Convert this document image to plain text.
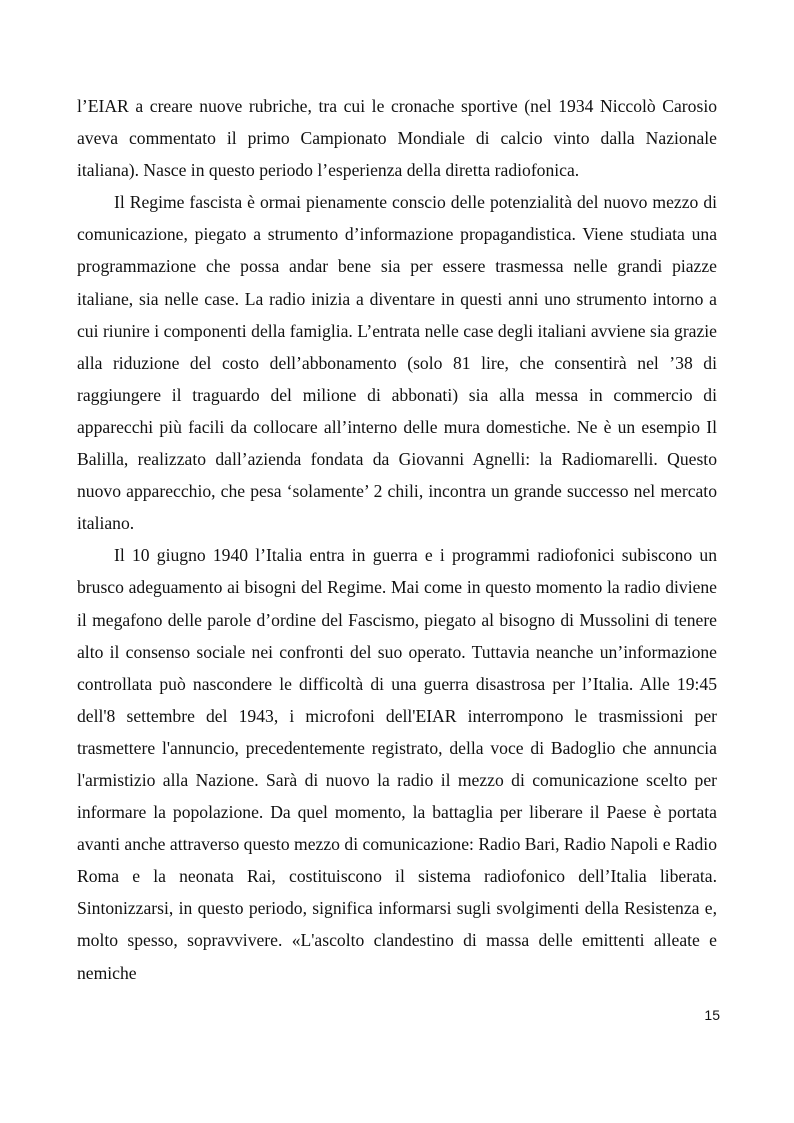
l’EIAR a creare nuove rubriche, tra cui le cronache sportive (nel 1934 Niccolò Carosio aveva commentato il primo Campionato Mondiale di calcio vinto dalla Nazionale italiana). Nasce in questo periodo l’esperienza della diretta radiofonica.

Il Regime fascista è ormai pienamente conscio delle potenzialità del nuovo mezzo di comunicazione, piegato a strumento d’informazione propagandistica. Viene studiata una programmazione che possa andar bene sia per essere trasmessa nelle grandi piazze italiane, sia nelle case. La radio inizia a diventare in questi anni uno strumento intorno a cui riunire i componenti della famiglia. L’entrata nelle case degli italiani avviene sia grazie alla riduzione del costo dell’abbonamento (solo 81 lire, che consentirà nel ’38 di raggiungere il traguardo del milione di abbonati) sia alla messa in commercio di apparecchi più facili da collocare all’interno delle mura domestiche. Ne è un esempio Il Balilla, realizzato dall’azienda fondata da Giovanni Agnelli: la Radiomarelli. Questo nuovo apparecchio, che pesa ‘solamente’ 2 chili, incontra un grande successo nel mercato italiano.

Il 10 giugno 1940 l’Italia entra in guerra e i programmi radiofonici subiscono un brusco adeguamento ai bisogni del Regime. Mai come in questo momento la radio diviene il megafono delle parole d’ordine del Fascismo, piegato al bisogno di Mussolini di tenere alto il consenso sociale nei confronti del suo operato. Tuttavia neanche un’informazione controllata può nascondere le difficoltà di una guerra disastrosa per l’Italia. Alle 19:45 dell'8 settembre del 1943, i microfoni dell'EIAR interrompono le trasmissioni per trasmettere l'annuncio, precedentemente registrato, della voce di Badoglio che annuncia l'armistizio alla Nazione. Sarà di nuovo la radio il mezzo di comunicazione scelto per informare la popolazione. Da quel momento, la battaglia per liberare il Paese è portata avanti anche attraverso questo mezzo di comunicazione: Radio Bari, Radio Napoli e Radio Roma e la neonata Rai, costituiscono il sistema radiofonico dell’Italia liberata. Sintonizzarsi, in questo periodo, significa informarsi sugli svolgimenti della Resistenza e, molto spesso, sopravvivere. «L'ascolto clandestino di massa delle emittenti alleate e nemiche

15
